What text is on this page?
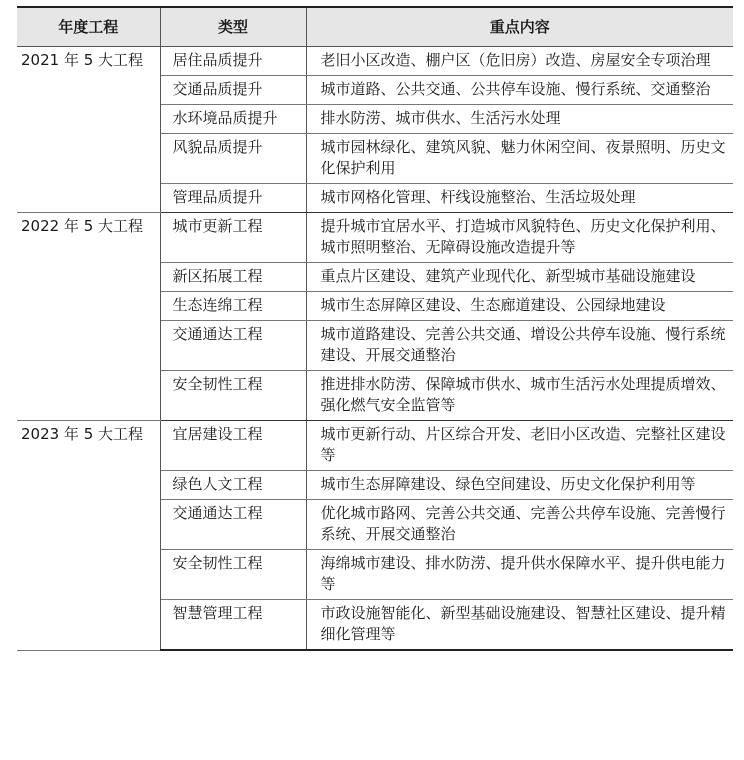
年度工程	类型	重点内容
2021 年 5 大工程	居住品质提升	老旧小区改造、棚户区（危旧房）改造、房屋安全专项治理
	交通品质提升	城市道路、公共交通、公共停车设施、慢行系统、交通整治
	水环境品质提升	排水防涝、城市供水、生活污水处理
	风貌品质提升	城市园林绿化、建筑风貌、魅力休闲空间、夜景照明、历史文化保护利用
	管理品质提升	城市网格化管理、杆线设施整治、生活垃圾处理
2022 年 5 大工程	城市更新工程	提升城市宜居水平、打造城市风貌特色、历史文化保护利用、城市照明整治、无障碍设施改造提升等
	新区拓展工程	重点片区建设、建筑产业现代化、新型城市基础设施建设
	生态连绵工程	城市生态屏障区建设、生态廊道建设、公园绿地建设
	交通通达工程	城市道路建设、完善公共交通、增设公共停车设施、慢行系统建设、开展交通整治
	安全韧性工程	推进排水防涝、保障城市供水、城市生活污水处理提质增效、强化燃气安全监管等
2023 年 5 大工程	宜居建设工程	城市更新行动、片区综合开发、老旧小区改造、完整社区建设等
	绿色人文工程	城市生态屏障建设、绿色空间建设、历史文化保护利用等
	交通通达工程	优化城市路网、完善公共交通、完善公共停车设施、完善慢行系统、开展交通整治
	安全韧性工程	海绵城市建设、排水防涝、提升供水保障水平、提升供电能力等
	智慧管理工程	市政设施智能化、新型基础设施建设、智慧社区建设、提升精细化管理等
